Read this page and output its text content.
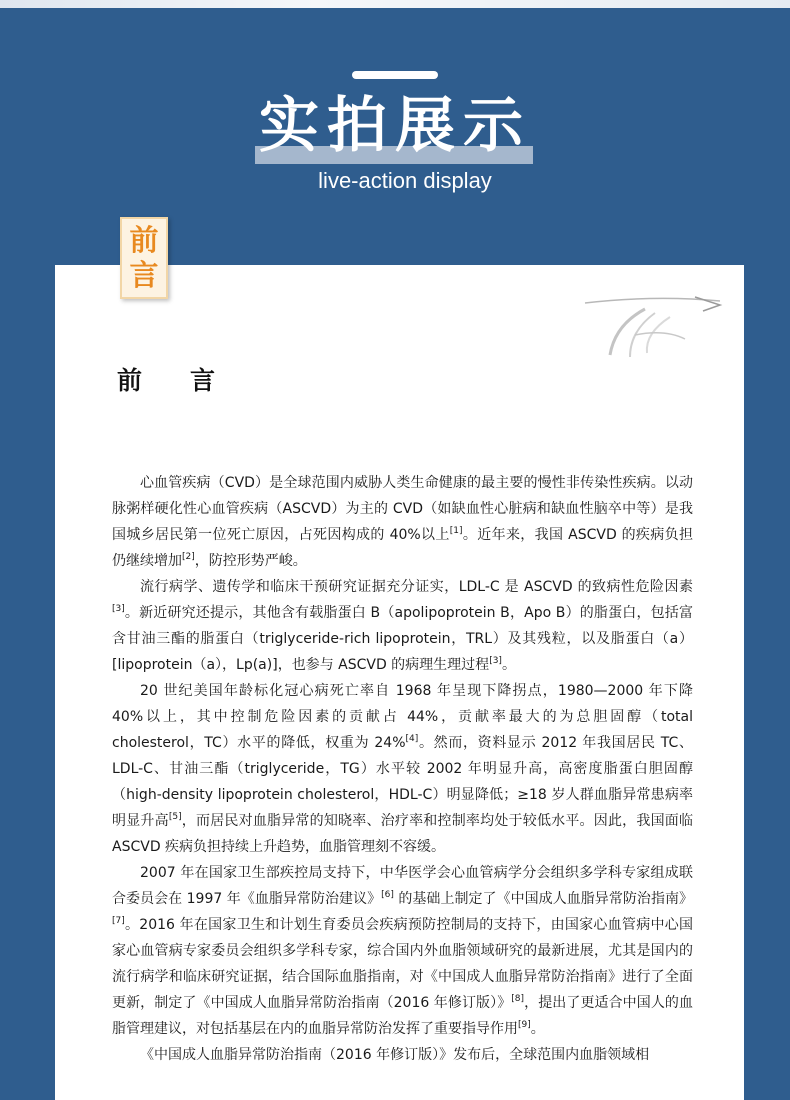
实拍展示
live-action display
前
言
前 言

心血管疾病（CVD）是全球范围内威胁人类生命健康的最主要的慢性非传染性疾病。以动脉粥样硬化性心血管疾病（ASCVD）为主的 CVD（如缺血性心脏病和缺血性脑卒中等）是我国城乡居民第一位死亡原因，占死因构成的 40%以上[1]。近年来，我国 ASCVD 的疾病负担仍继续增加[2]，防控形势严峻。

流行病学、遗传学和临床干预研究证据充分证实，LDL-C 是 ASCVD 的致病性危险因素[3]。新近研究还提示，其他含有载脂蛋白 B（apolipoprotein B，Apo B）的脂蛋白，包括富含甘油三酯的脂蛋白（triglyceride-rich lipoprotein，TRL）及其残粒，以及脂蛋白（a）[lipoprotein（a），Lp(a)]，也参与 ASCVD 的病理生理过程[3]。

20 世纪美国年龄标化冠心病死亡率自 1968 年呈现下降拐点，1980—2000 年下降 40%以上，其中控制危险因素的贡献占 44%，贡献率最大的为总胆固醇（total cholesterol，TC）水平的降低，权重为 24%[4]。然而，资料显示 2012 年我国居民 TC、LDL-C、甘油三酯（triglyceride，TG）水平较 2002 年明显升高，高密度脂蛋白胆固醇（high-density lipoprotein cholesterol，HDL-C）明显降低；≥18 岁人群血脂异常患病率明显升高[5]，而居民对血脂异常的知晓率、治疗率和控制率均处于较低水平。因此，我国面临 ASCVD 疾病负担持续上升趋势，血脂管理刻不容缓。

2007 年在国家卫生部疾控局支持下，中华医学会心血管病学分会组织多学科专家组成联合委员会在 1997 年《血脂异常防治建议》[6] 的基础上制定了《中国成人血脂异常防治指南》[7]。2016 年在国家卫生和计划生育委员会疾病预防控制局的支持下，由国家心血管病中心国家心血管病专家委员会组织多学科专家，综合国内外血脂领域研究的最新进展，尤其是国内的流行病学和临床研究证据，结合国际血脂指南，对《中国成人血脂异常防治指南》进行了全面更新，制定了《中国成人血脂异常防治指南（2016 年修订版）》[8]，提出了更适合中国人的血脂管理建议，对包括基层在内的血脂异常防治发挥了重要指导作用[9]。

《中国成人血脂异常防治指南（2016 年修订版）》发布后，全球范围内血脂领域相
